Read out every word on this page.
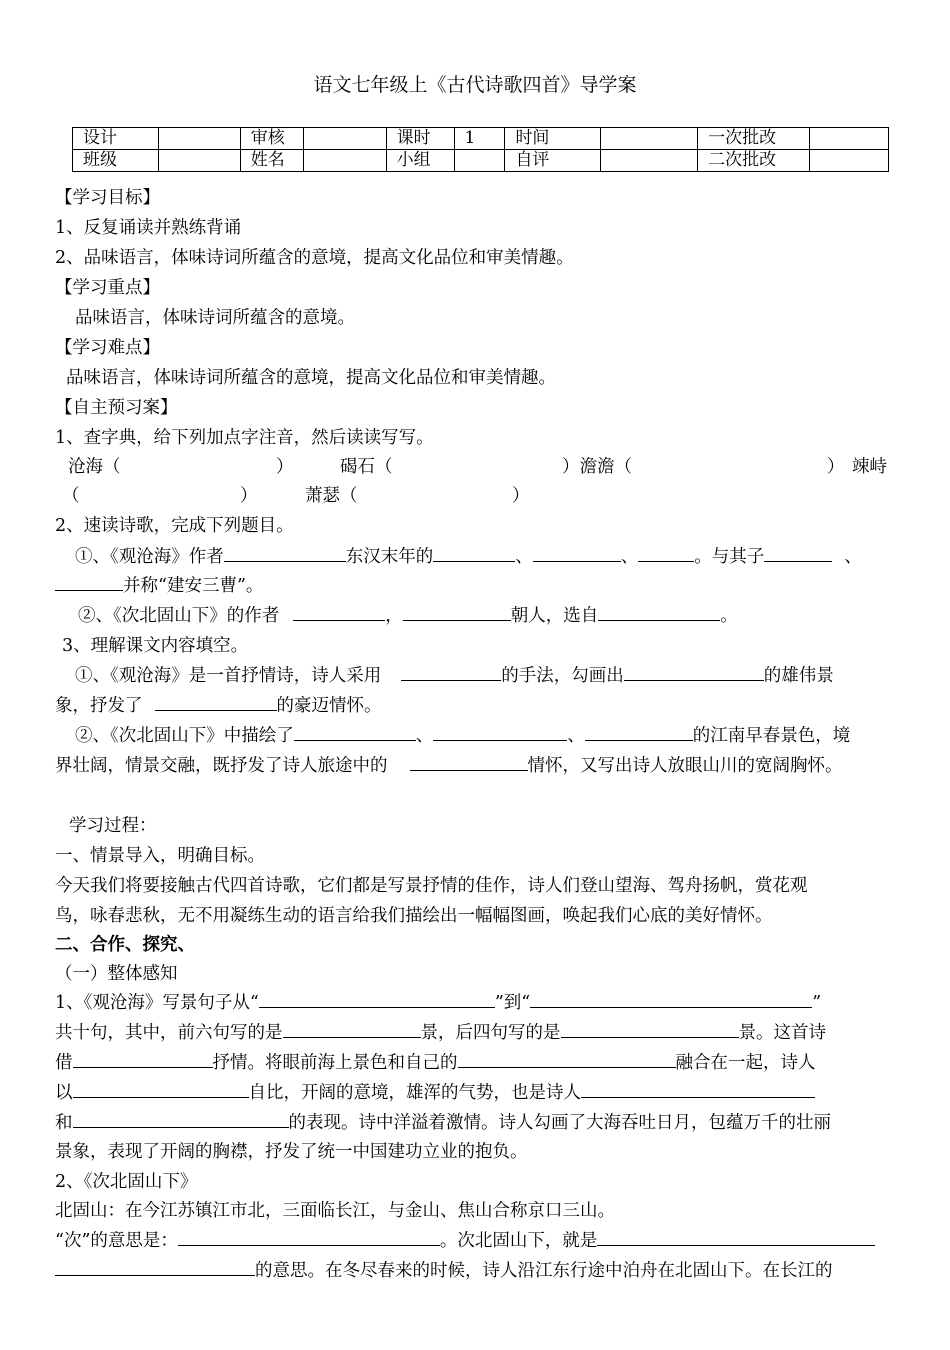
语文七年级上《古代诗歌四首》导学案
设计		审核		课时	1	时间		一次批改	
班级		姓名		小组		自评		二次批改	
【学习目标】
1、反复诵读并熟练背诵
2、品味语言，体味诗词所蕴含的意境，提高文化品位和审美情趣。
【学习重点】
品味语言，体味诗词所蕴含的意境。
【学习难点】
品味语言，体味诗词所蕴含的意境，提高文化品位和审美情趣。
【自主预习案】
1、查字典，给下列加点字注音，然后读读写写。
沧海（	）	碣石（	）澹澹（	） 竦峙
（	）	萧瑟（	）
2、速读诗歌，完成下列题目。
①、《观沧海》作者	东汉末年的	、	、	。与其子	、
并称“建安三曹”。
②、《次北固山下》的作者	，	朝人，选自	。
3、理解课文内容填空。
①、《观沧海》是一首抒情诗，诗人采用	的手法，勾画出	的雄伟景
象，抒发了	的豪迈情怀。
②、《次北固山下》中描绘了	、	、	的江南早春景色，境
界壮阔，情景交融，既抒发了诗人旅途中的	情怀，又写出诗人放眼山川的宽阔胸怀。
学习过程：
一、情景导入，明确目标。
今天我们将要接触古代四首诗歌，它们都是写景抒情的佳作，诗人们登山望海、驾舟扬帆，赏花观
鸟，咏春悲秋，无不用凝练生动的语言给我们描绘出一幅幅图画，唤起我们心底的美好情怀。
二、合作、探究、
（一）整体感知
1、《观沧海》写景句子从“	”到“	”
共十句，其中，前六句写的是	景，后四句写的是	景。这首诗
借	抒情。将眼前海上景色和自己的	融合在一起，诗人
以	自比，开阔的意境，雄浑的气势，也是诗人
和	的表现。诗中洋溢着激情。诗人勾画了大海吞吐日月，包蕴万千的壮丽
景象，表现了开阔的胸襟，抒发了统一中国建功立业的抱负。
2、《次北固山下》
北固山：在今江苏镇江市北，三面临长江，与金山、焦山合称京口三山。
“次”的意思是：	。次北固山下，就是
的意思。在冬尽春来的时候，诗人沿江东行途中泊舟在北固山下。在长江的
